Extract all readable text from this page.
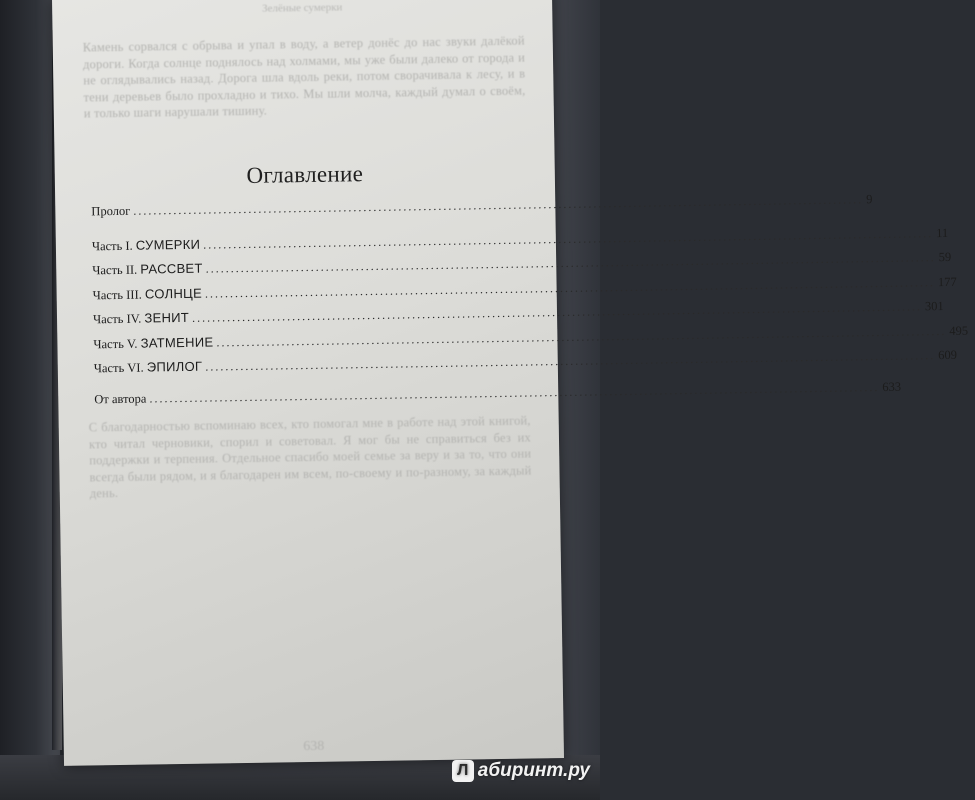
Зелёные сумерки
Камень сорвался с обрыва и упал в воду, а ветер донёс до нас звуки далёкой дороги. Когда солнце поднялось над холмами, мы уже были далеко от города и не оглядывались назад. Дорога шла вдоль реки, потом сворачивала к лесу, и в тени деревьев было прохладно и тихо. Мы шли молча, каждый думал о своём, и только шаги нарушали тишину.
Оглавление
Пролог .................................................................................................................................................. 9
Часть I. СУМЕРКИ .................................................................................................................................................. 11
Часть II. РАССВЕТ .................................................................................................................................................. 59
Часть III. СОЛНЦЕ .................................................................................................................................................. 177
Часть IV. ЗЕНИТ .................................................................................................................................................. 301
Часть V. ЗАТМЕНИЕ .................................................................................................................................................. 495
Часть VI. ЭПИЛОГ .................................................................................................................................................. 609
От автора .................................................................................................................................................. 633
С благодарностью вспоминаю всех, кто помогал мне в работе над этой книгой, кто читал черновики, спорил и советовал. Я мог бы не справиться без их поддержки и терпения. Отдельное спасибо моей семье за веру и за то, что они всегда были рядом, и я благодарен им всем, по-своему и по-разному, за каждый день.
638
Л абиринт.ру
